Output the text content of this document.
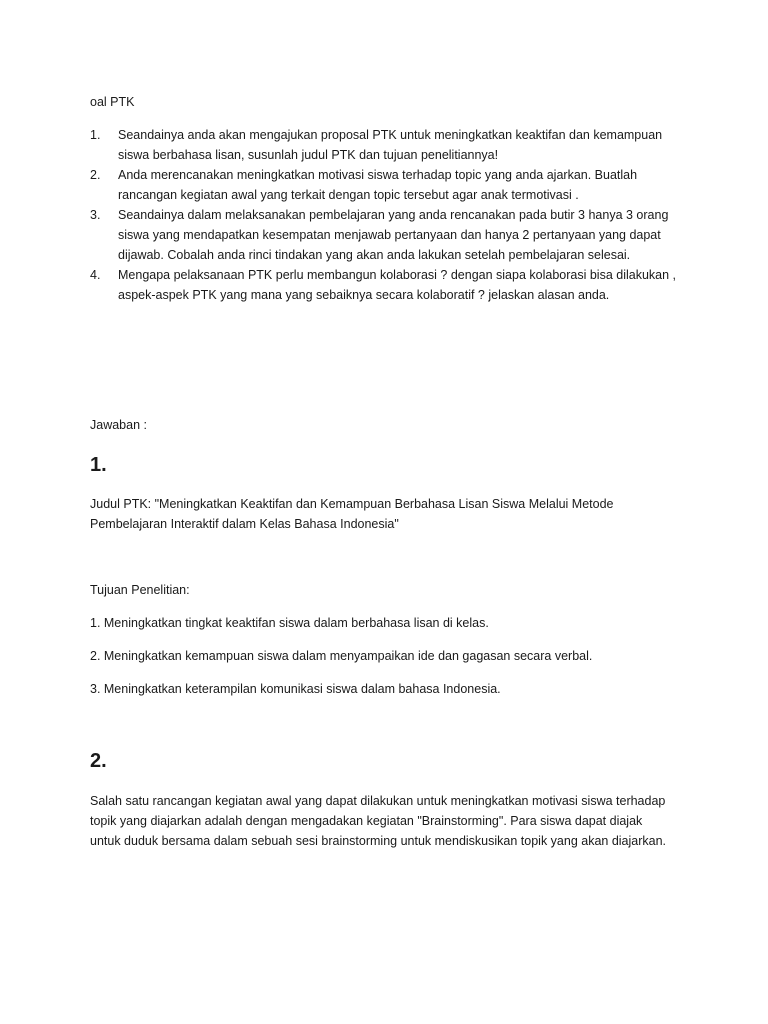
oal PTK
1. Seandainya anda akan mengajukan proposal PTK untuk meningkatkan keaktifan dan kemampuan
siswa berbahasa lisan, susunlah judul PTK dan tujuan penelitiannya!
2. Anda merencanakan meningkatkan motivasi siswa terhadap topic yang anda ajarkan. Buatlah
rancangan kegiatan awal yang terkait dengan topic tersebut agar anak termotivasi .
3. Seandainya dalam melaksanakan pembelajaran yang anda rencanakan pada butir 3 hanya 3 orang
siswa yang mendapatkan kesempatan menjawab pertanyaan dan hanya 2 pertanyaan yang dapat
dijawab. Cobalah anda rinci tindakan yang akan anda lakukan setelah pembelajaran selesai.
4. Mengapa pelaksanaan PTK perlu membangun kolaborasi ? dengan siapa kolaborasi bisa dilakukan ,
aspek-aspek PTK yang mana yang sebaiknya secara kolaboratif ? jelaskan alasan anda.
Jawaban :
1.
Judul PTK: "Meningkatkan Keaktifan dan Kemampuan Berbahasa Lisan Siswa Melalui Metode
Pembelajaran Interaktif dalam Kelas Bahasa Indonesia"
Tujuan Penelitian:
1. Meningkatkan tingkat keaktifan siswa dalam berbahasa lisan di kelas.
2. Meningkatkan kemampuan siswa dalam menyampaikan ide dan gagasan secara verbal.
3. Meningkatkan keterampilan komunikasi siswa dalam bahasa Indonesia.
2.
Salah satu rancangan kegiatan awal yang dapat dilakukan untuk meningkatkan motivasi siswa terhadap
topik yang diajarkan adalah dengan mengadakan kegiatan "Brainstorming". Para siswa dapat diajak
untuk duduk bersama dalam sebuah sesi brainstorming untuk mendiskusikan topik yang akan diajarkan.
